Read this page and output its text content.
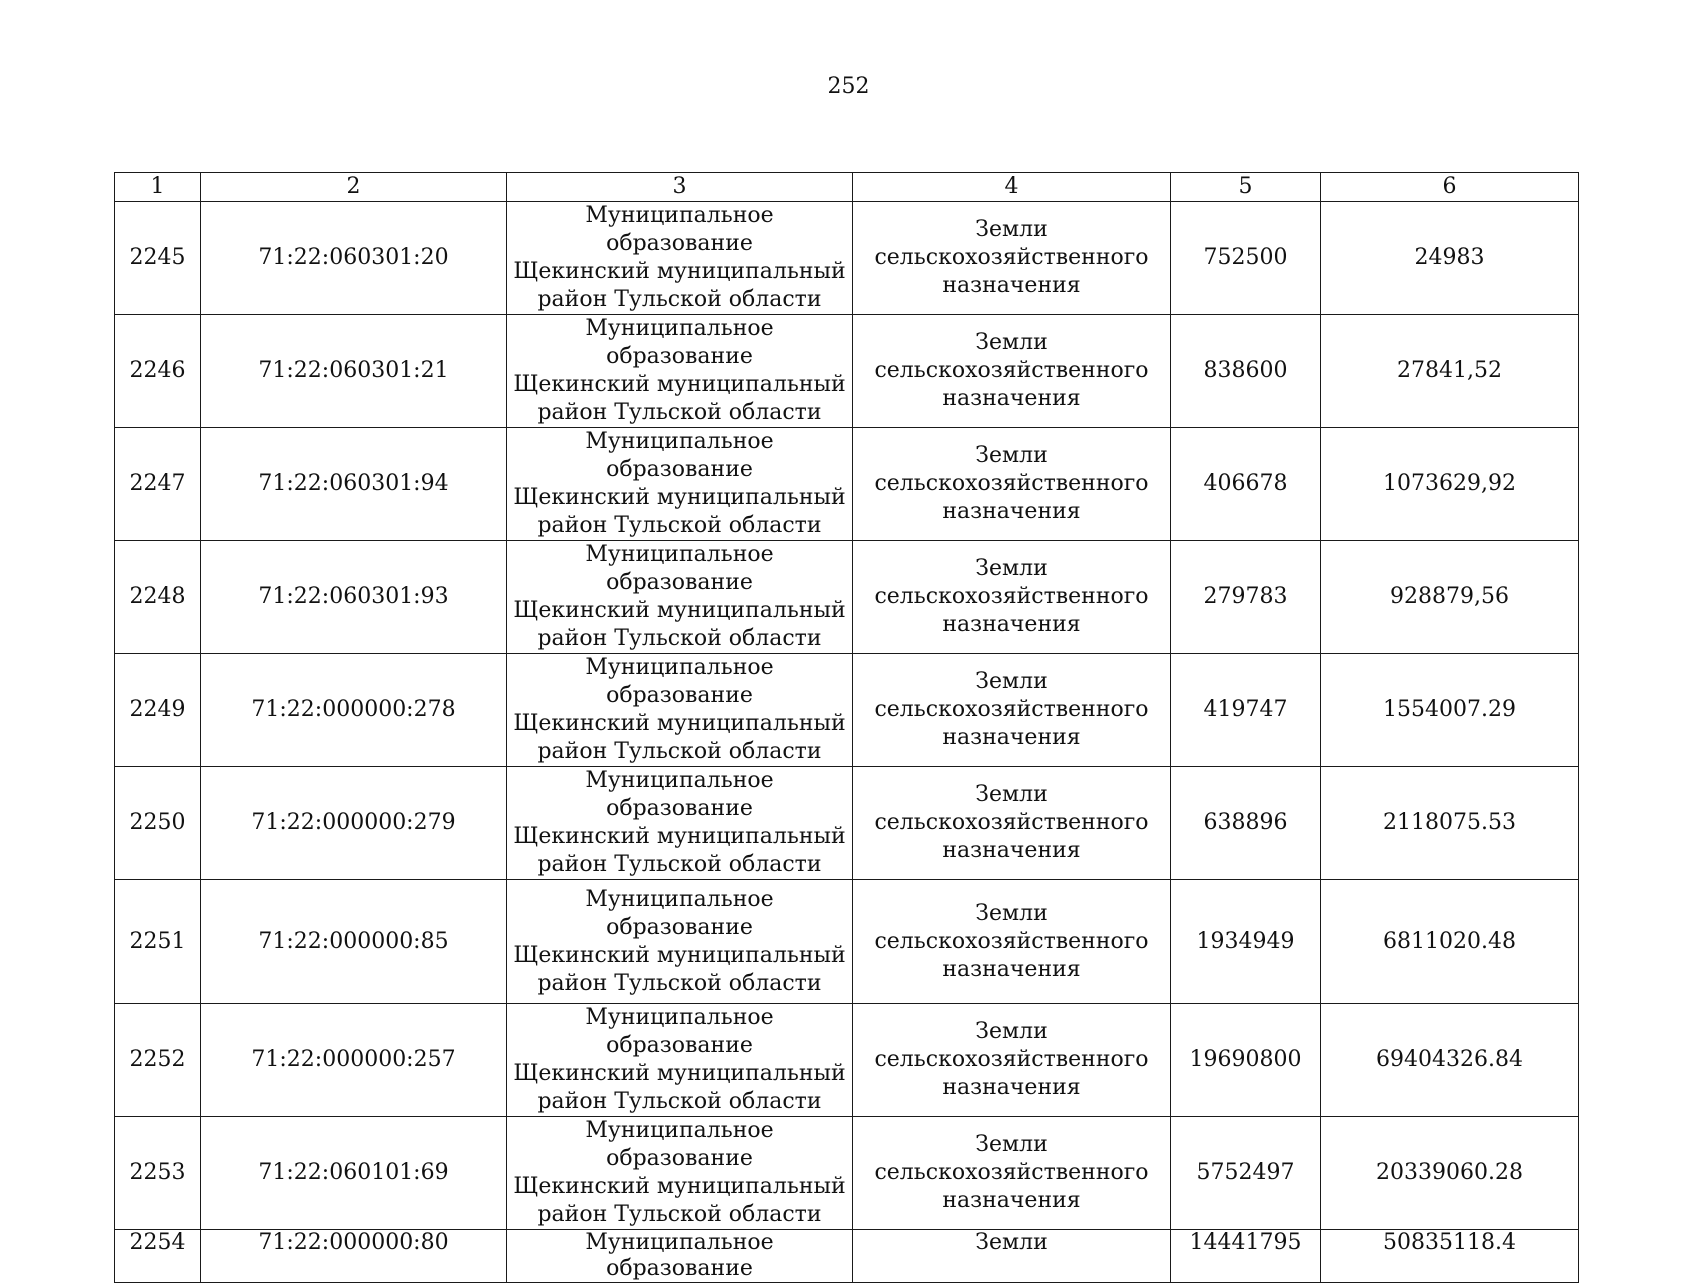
252
1	2	3	4	5	6
2245	71:22:060301:20	Муниципальное образование
Щекинский муниципальный
район Тульской области	Земли
сельскохозяйственного
назначения	752500	24983
2246	71:22:060301:21	Муниципальное образование
Щекинский муниципальный
район Тульской области	Земли
сельскохозяйственного
назначения	838600	27841,52
2247	71:22:060301:94	Муниципальное образование
Щекинский муниципальный
район Тульской области	Земли
сельскохозяйственного
назначения	406678	1073629,92
2248	71:22:060301:93	Муниципальное образование
Щекинский муниципальный
район Тульской области	Земли
сельскохозяйственного
назначения	279783	928879,56
2249	71:22:000000:278	Муниципальное образование
Щекинский муниципальный
район Тульской области	Земли
сельскохозяйственного
назначения	419747	1554007.29
2250	71:22:000000:279	Муниципальное образование
Щекинский муниципальный
район Тульской области	Земли
сельскохозяйственного
назначения	638896	2118075.53
2251	71:22:000000:85	Муниципальное образование
Щекинский муниципальный
район Тульской области	Земли
сельскохозяйственного
назначения	1934949	6811020.48
2252	71:22:000000:257	Муниципальное образование
Щекинский муниципальный
район Тульской области	Земли
сельскохозяйственного
назначения	19690800	69404326.84
2253	71:22:060101:69	Муниципальное образование
Щекинский муниципальный
район Тульской области	Земли
сельскохозяйственного
назначения	5752497	20339060.28
2254	71:22:000000:80	Муниципальное образование	Земли	14441795	50835118.4
